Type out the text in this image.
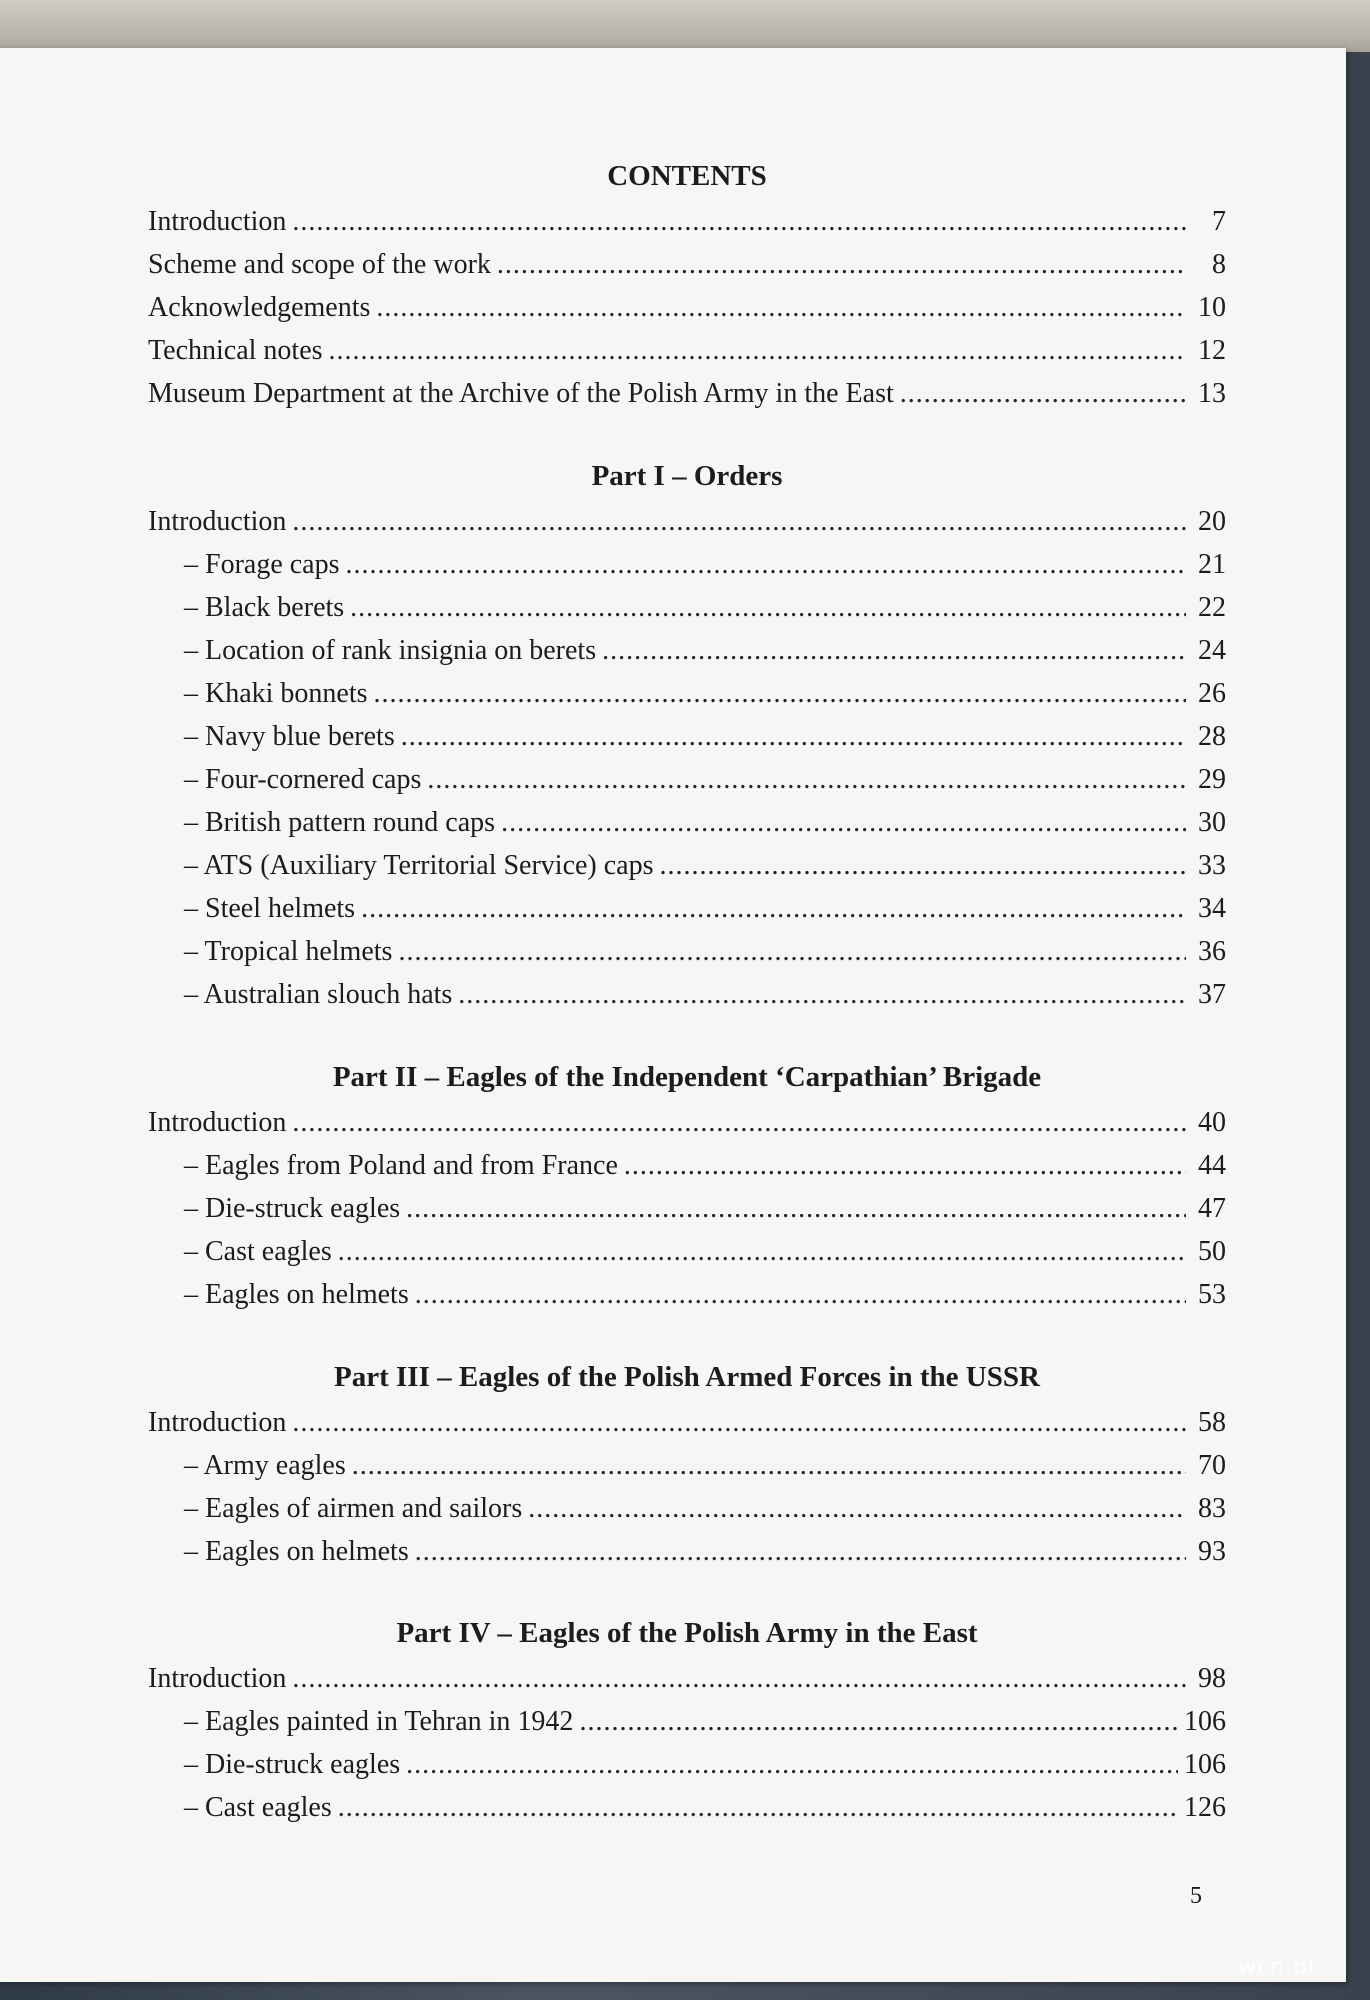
CONTENTS
Introduction .....	7
Scheme and scope of the work .....	8
Acknowledgements .....	10
Technical notes .....	12
Museum Department at the Archive of the Polish Army in the East .....	13
Part I – Orders
Introduction .....	20
– Forage caps .....	21
– Black berets .....	22
– Location of rank insignia on berets .....	24
– Khaki bonnets .....	26
– Navy blue berets .....	28
– Four-cornered caps .....	29
– British pattern round caps .....	30
– ATS (Auxiliary Territorial Service) caps .....	33
– Steel helmets .....	34
– Tropical helmets .....	36
– Australian slouch hats .....	37
Part II – Eagles of the Independent ‘Carpathian’ Brigade
Introduction .....	40
– Eagles from Poland and from France .....	44
– Die-struck eagles .....	47
– Cast eagles .....	50
– Eagles on helmets .....	53
Part III – Eagles of the Polish Armed Forces in the USSR
Introduction .....	58
– Army eagles .....	70
– Eagles of airmen and sailors .....	83
– Eagles on helmets .....	93
Part IV – Eagles of the Polish Army in the East
Introduction .....	98
– Eagles painted in Tehran in 1942 .....	106
– Die-struck eagles .....	106
– Cast eagles .....	126
5
wcn.pl
